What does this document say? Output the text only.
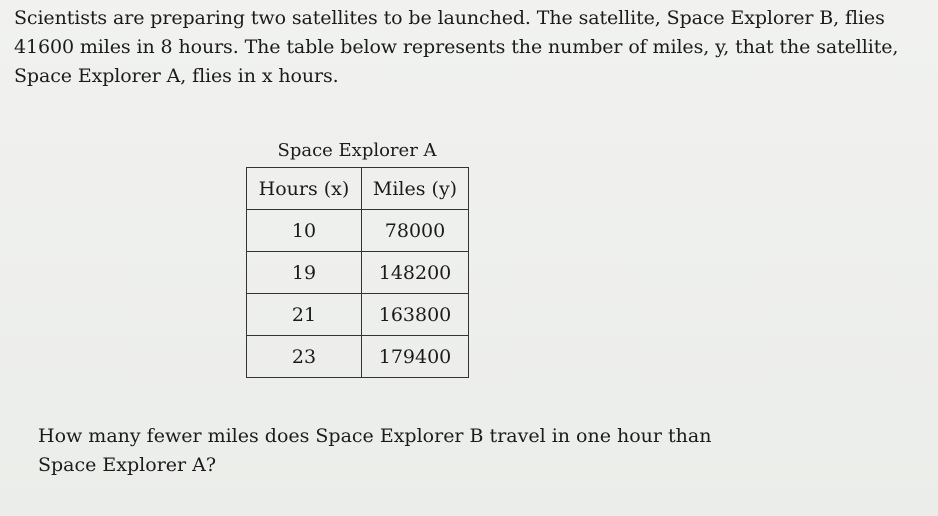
Scientists are preparing two satellites to be launched. The satellite, Space Explorer B, flies 41600 miles in 8 hours. The table below represents the number of miles, y, that the satellite, Space Explorer A, flies in x hours.

Space Explorer A
Hours (x)	Miles (y)
10	78000
19	148200
21	163800
23	179400

How many fewer miles does Space Explorer B travel in one hour than Space Explorer A?
